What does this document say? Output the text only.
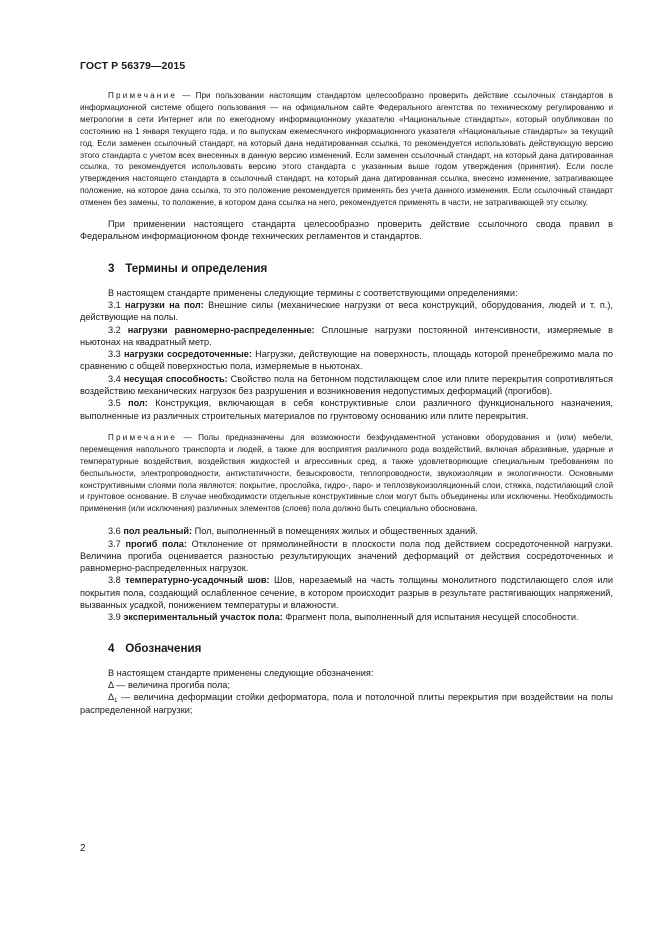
ГОСТ Р 56379—2015

Примечание — При пользовании настоящим стандартом целесообразно проверить действие ссылочных стандартов в информационной системе общего пользования — на официальном сайте Федерального агентства по техническому регулированию и метрологии в сети Интернет или по ежегодному информационному указателю «Национальные стандарты», который опубликован по состоянию на 1 января текущего года, и по выпускам ежемесячного информационного указателя «Национальные стандарты» за текущий год. Если заменен ссылочный стандарт, на который дана недатированная ссылка, то рекомендуется использовать действующую версию этого стандарта с учетом всех внесенных в данную версию изменений. Если заменен ссылочный стандарт, на который дана датированная ссылка, то рекомендуется использовать версию этого стандарта с указанным выше годом утверждения (принятия). Если после утверждения настоящего стандарта в ссылочный стандарт, на который дана датированная ссылка, внесено изменение, затрагивающее положение, на которое дана ссылка, то это положение рекомендуется применять без учета данного изменения. Если ссылочный стандарт отменен без замены, то положение, в котором дана ссылка на него, рекомендуется применять в части, не затрагивающей эту ссылку.

При применении настоящего стандарта целесообразно проверить действие ссылочного свода правил в Федеральном информационном фонде технических регламентов и стандартов.

3 Термины и определения

В настоящем стандарте применены следующие термины с соответствующими определениями:

3.1 нагрузки на пол: Внешние силы (механические нагрузки от веса конструкций, оборудования, людей и т. п.), действующие на полы.

3.2 нагрузки равномерно-распределенные: Сплошные нагрузки постоянной интенсивности, измеряемые в ньютонах на квадратный метр.

3.3 нагрузки сосредоточенные: Нагрузки, действующие на поверхность, площадь которой пренебрежимо мала по сравнению с общей поверхностью пола, измеряемые в ньютонах.

3.4 несущая способность: Свойство пола на бетонном подстилающем слое или плите перекрытия сопротивляться воздействию механических нагрузок без разрушения и возникновения недопустимых деформаций (прогибов).

3.5 пол: Конструкция, включающая в себя конструктивные слои различного функционального назначения, выполненные из различных строительных материалов по грунтовому основанию или плите перекрытия.

Примечание — Полы предназначены для возможности безфундаментной установки оборудования и (или) мебели, перемещения напольного транспорта и людей, а также для восприятия различного рода воздействий, включая абразивные, ударные и температурные воздействия, воздействия жидкостей и агрессивных сред, а также удовлетворяющие специальным требованиям по беспыльности, электропроводности, антистатичности, безыскровости, теплопроводности, звукоизоляции и экологичности. Основными конструктивными слоями пола являются: покрытие, прослойка, гидро-, паро- и теплозвукоизоляционный слои, стяжка, подстилающий слой и грунтовое основание. В случае необходимости отдельные конструктивные слои могут быть объединены или исключены. Необходимость применения (или исключения) различных элементов (слоев) пола должно быть специально обоснована.

3.6 пол реальный: Пол, выполненный в помещениях жилых и общественных зданий.

3.7 прогиб пола: Отклонение от прямолинейности в плоскости пола под действием сосредоточенной нагрузки. Величина прогиба оценивается разностью результирующих значений деформаций от действия сосредоточенных и равномерно-распределенных нагрузок.

3.8 температурно-усадочный шов: Шов, нарезаемый на часть толщины монолитного подстилающего слоя или покрытия пола, создающий ослабленное сечение, в котором происходит разрыв в результате растягивающих напряжений, вызванных усадкой, понижением температуры и влажности.

3.9 экспериментальный участок пола: Фрагмент пола, выполненный для испытания несущей способности.

4 Обозначения

В настоящем стандарте применены следующие обозначения:

Δ — величина прогиба пола;

$\Delta_1$ — величина деформации стойки деформатора, пола и потолочной плиты перекрытия при воздействии на полы распределенной нагрузки;

2
